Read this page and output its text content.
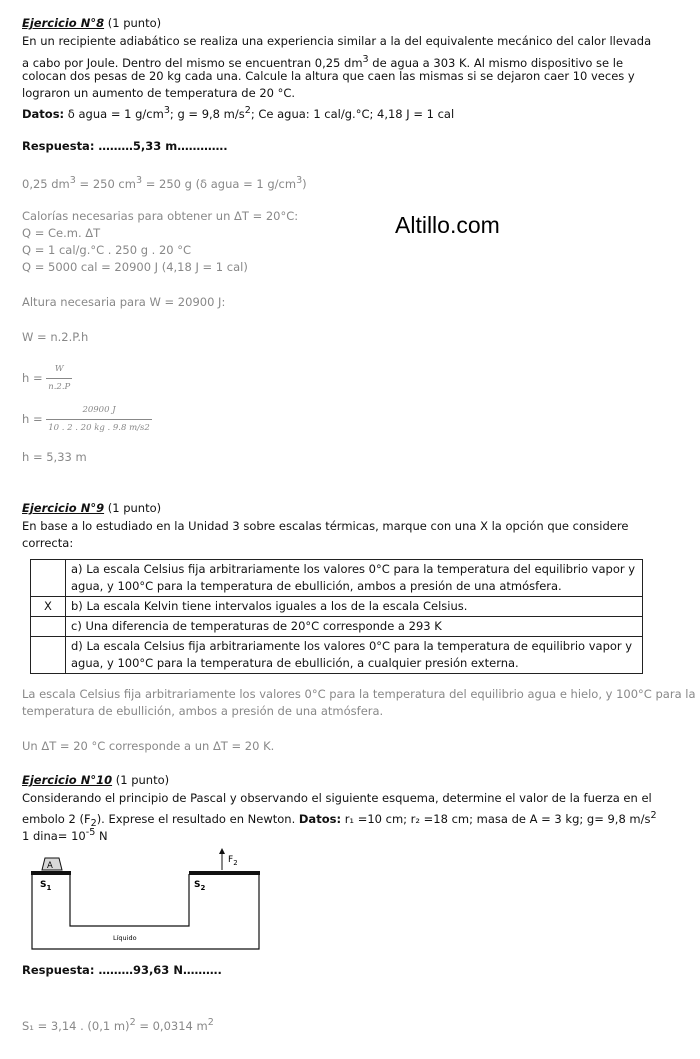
Ejercicio N°8 (1 punto)
En un recipiente adiabático se realiza una experiencia similar a la del equivalente mecánico del calor llevada
a cabo por Joule. Dentro del mismo se encuentran 0,25 $dm^3$ de agua a 303 K. Al mismo dispositivo se le
colocan dos pesas de 20 kg cada una. Calcule la altura que caen las mismas si se dejaron caer 10 veces y
lograron un aumento de temperatura de 20 °C.
Datos: δ agua = 1 $g/cm^3$; g = 9,8 $m/s^2$; Ce agua: 1 cal/g.°C; 4,18 J = 1 cal
Respuesta: ………5,33 m………….
0,25 $dm^3 = 250$ $cm^3 = 250$ g (δ agua = 1 $g/cm^3$)
Calorías necesarias para obtener un ΔT = 20°C:
Q = Ce.m. ΔT
Q = 1 cal/g.°C . 250 g . 20 °C
Q = 5000 cal = 20900 J (4,18 J = 1 cal)
Altura necesaria para W = 20900 J:
W = n.2.P.h
$h = \frac{W}{n.2.P}$
$h = \frac{20900 J}{10 . 2 . 20 kg . 9.8 m/s2}$
h = 5,33 m
Altillo.com
Ejercicio N°9 (1 punto)
En base a lo estudiado en la Unidad 3 sobre escalas térmicas, marque con una X la opción que considere
correcta:
	a) La escala Celsius fija arbitrariamente los valores 0°C para la temperatura del equilibrio vapor y
agua, y 100°C para la temperatura de ebullición, ambos a presión de una atmósfera.
X	b) La escala Kelvin tiene intervalos iguales a los de la escala Celsius.
	c) Una diferencia de temperaturas de 20°C corresponde a 293 K
	d) La escala Celsius fija arbitrariamente los valores 0°C para la temperatura de equilibrio vapor y
agua, y 100°C para la temperatura de ebullición, a cualquier presión externa.
La escala Celsius fija arbitrariamente los valores 0°C para la temperatura del equilibrio agua e hielo, y 100°C para la
temperatura de ebullición, ambos a presión de una atmósfera.
Un ΔT = 20 °C corresponde a un ΔT = 20 K.
Ejercicio N°10 (1 punto)
Considerando el principio de Pascal y observando el siguiente esquema, determine el valor de la fuerza en el
embolo 2 $(F_2)$. Exprese el resultado en Newton. Datos: r₁ =10 cm; r₂ =18 cm; masa de A = 3 kg; g= 9,8 $m/s^2$
1 dina= $10^{-5}$ N
A
$S_1$	$S_2$
$F_2$
Líquido
Respuesta: ………93,63 N……….
S₁ = 3,14 . (0,1 m)$^2$ = 0,0314 $m^2$
